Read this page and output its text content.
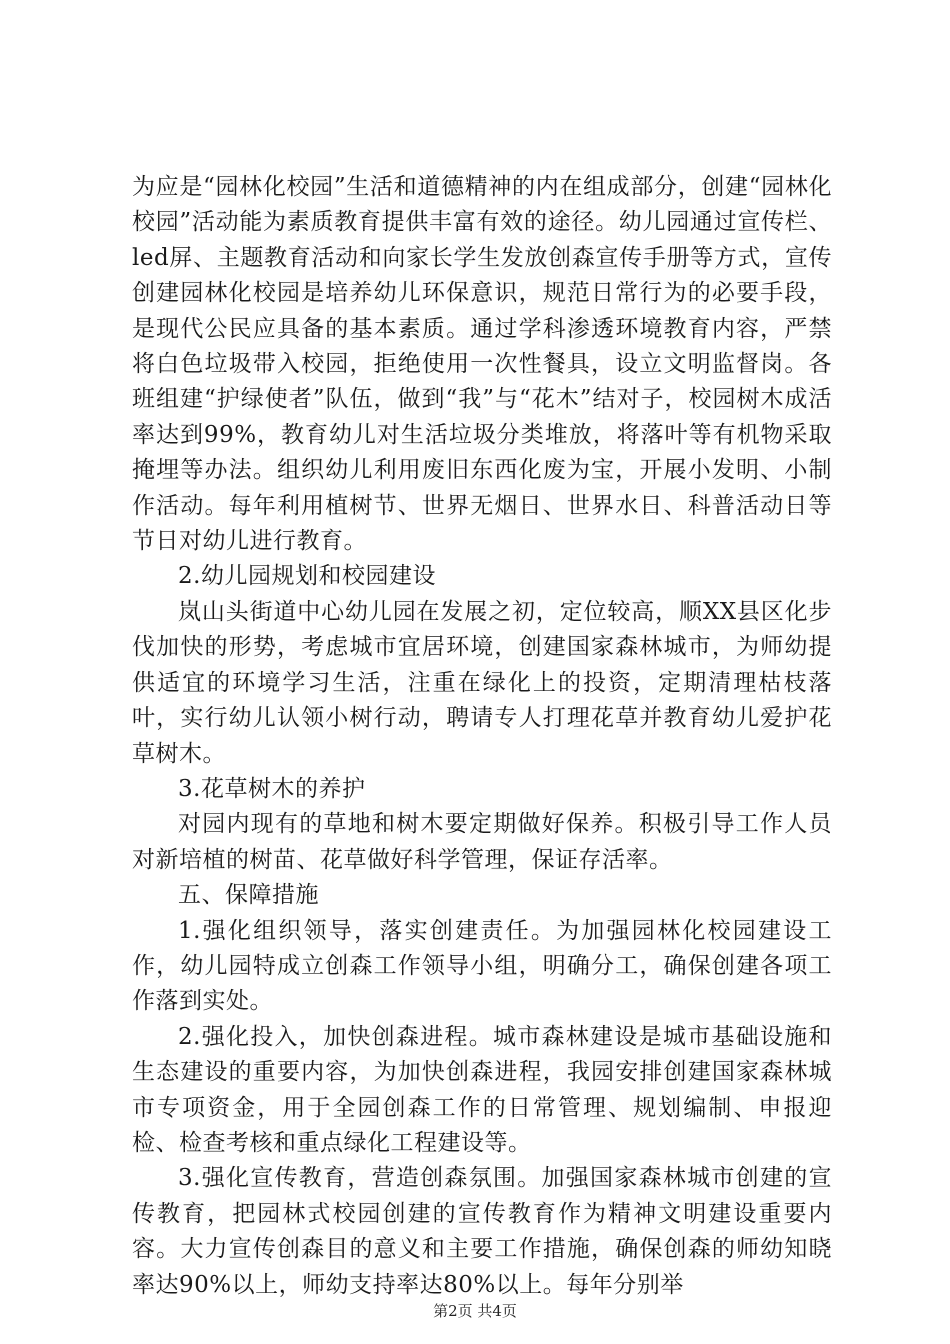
为应是“园林化校园”生活和道德精神的内在组成部分，创建“园林化校园”活动能为素质教育提供丰富有效的途径。幼儿园通过宣传栏、led屏、主题教育活动和向家长学生发放创森宣传手册等方式，宣传创建园林化校园是培养幼儿环保意识，规范日常行为的必要手段，是现代公民应具备的基本素质。通过学科渗透环境教育内容，严禁将白色垃圾带入校园，拒绝使用一次性餐具，设立文明监督岗。各班组建“护绿使者”队伍，做到“我”与“花木”结对子，校园树木成活率达到99%，教育幼儿对生活垃圾分类堆放，将落叶等有机物采取掩埋等办法。组织幼儿利用废旧东西化废为宝，开展小发明、小制作活动。每年利用植树节、世界无烟日、世界水日、科普活动日等节日对幼儿进行教育。

2.幼儿园规划和校园建设

岚山头街道中心幼儿园在发展之初，定位较高，顺XX县区化步伐加快的形势，考虑城市宜居环境，创建国家森林城市，为师幼提供适宜的环境学习生活，注重在绿化上的投资，定期清理枯枝落叶，实行幼儿认领小树行动，聘请专人打理花草并教育幼儿爱护花草树木。

3.花草树木的养护

对园内现有的草地和树木要定期做好保养。积极引导工作人员对新培植的树苗、花草做好科学管理，保证存活率。

五、保障措施

1.强化组织领导，落实创建责任。为加强园林化校园建设工作，幼儿园特成立创森工作领导小组，明确分工，确保创建各项工作落到实处。

2.强化投入，加快创森进程。城市森林建设是城市基础设施和生态建设的重要内容，为加快创森进程，我园安排创建国家森林城市专项资金，用于全园创森工作的日常管理、规划编制、申报迎检、检查考核和重点绿化工程建设等。

3.强化宣传教育，营造创森氛围。加强国家森林城市创建的宣传教育，把园林式校园创建的宣传教育作为精神文明建设重要内容。大力宣传创森目的意义和主要工作措施，确保创森的师幼知晓率达90%以上，师幼支持率达80%以上。每年分别举

第2页 共4页
